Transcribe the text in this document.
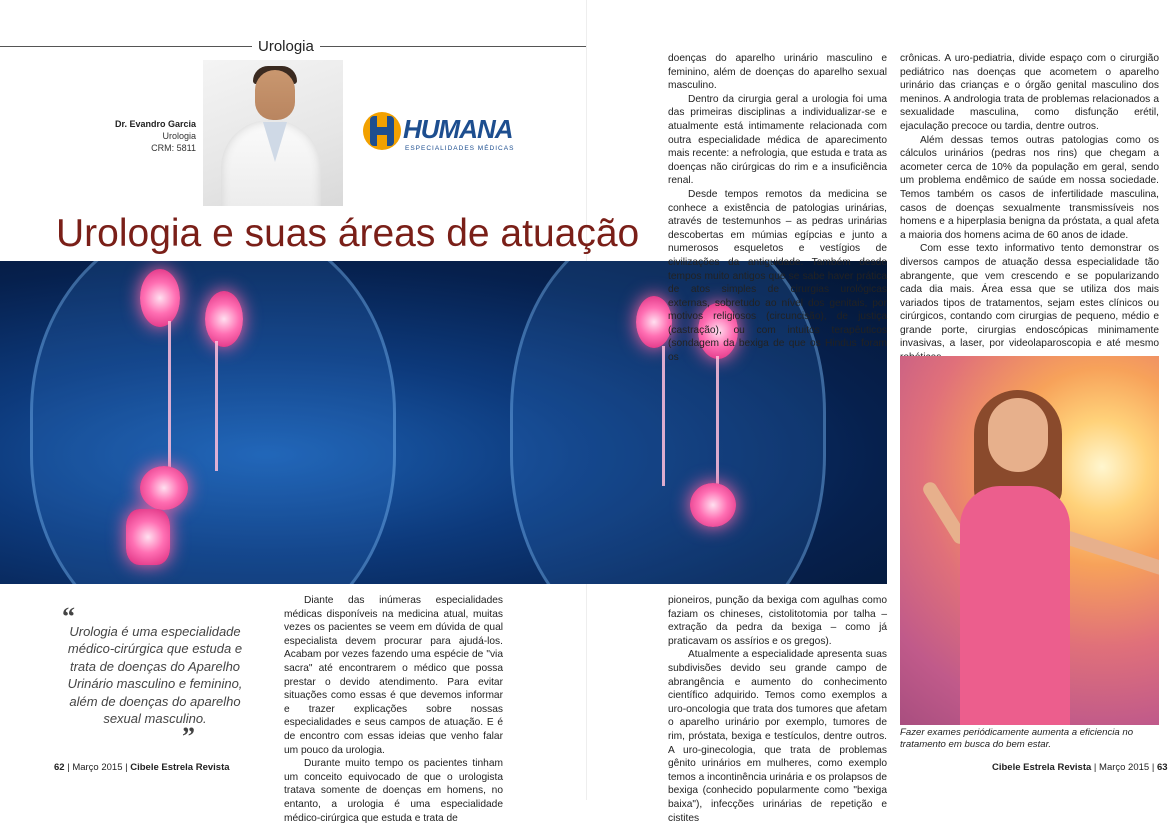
Urologia
Dr. Evandro Garcia
Urologia
CRM: 5811
HUMANA
ESPECIALIDADES MÉDICAS
Urologia e suas áreas de atuação

crônicas. A uro-pediatria, divide espaço com o cirurgião pediátrico nas doenças que acometem o aparelho urinário das crianças e o órgão genital masculino dos meninos. A andrologia trata de problemas relacionados a sexualidade masculina, como disfunção erétil, ejaculação precoce ou tardia, dentre outros.

Além dessas temos outras patologias como os cálculos urinários (pedras nos rins) que chegam a acometer cerca de 10% da população em geral, sendo um problema endêmico de saúde em nossa sociedade. Temos também os casos de infertilidade masculina, casos de doenças sexualmente transmissíveis nos homens e a hiperplasia benigna da próstata, a qual afeta a maioria dos homens acima de 60 anos de idade.

Com esse texto informativo tento demonstrar os diversos campos de atuação dessa especialidade tão abrangente, que vem crescendo e se popularizando cada dia mais. Área essa que se utiliza dos mais variados tipos de tratamentos, sejam estes clínicos ou cirúrgicos, contando com cirurgias de pequeno, médio e grande porte, cirurgias endoscópicas minimamente invasivas, a laser, por videolaparoscopia e até mesmo

doenças do aparelho urinário masculino e feminino, além de doenças do aparelho sexual masculino.

Dentro da cirurgia geral a urologia foi uma das primeiras disciplinas a individualizar-se e atualmente está intimamente relacionada com outra especialidade médica de aparecimento mais recente: a nefrologia, que estuda e trata as doenças não cirúrgicas do rim e a insuficiência renal.

Desde tempos remotos da medicina se conhece a existência de patologias urinárias, através de testemunhos – as pedras urinárias descobertas em múmias egípcias e junto a numerosos esqueletos e vestígios de civilizações da antiguidade. Também desde tempos muito antigos que se sabe haver prática de atos simples de cirurgias urológicas externas, sobretudo ao nível dos genitais, por motivos religiosos (circuncisão), de justiça (castração), ou com intuitos terapêuticos (sondagem da bexiga de que os Hindus foram os

“
Urologia é uma especialidade médico-cirúrgica que estuda e trata de doenças do Aparelho Urinário masculino e feminino, além de doenças do aparelho sexual masculino.
”

Diante das inúmeras especialidades médicas disponíveis na medicina atual, muitas vezes os pacientes se veem em dúvida de qual especialista devem procurar para ajudá-los. Acabam por vezes fazendo uma espécie de "via sacra" até encontrarem o médico que possa prestar o devido atendimento. Para evitar situações como essas é que devemos informar e trazer explicações sobre nossas especialidades e seus campos de atuação. E é de encontro com essas ideias que venho falar um pouco da urologia.

Durante muito tempo os pacientes tinham um conceito equivocado de que o urologista tratava somente de doenças em homens, no entanto, a urologia é uma especialidade médico-cirúrgica que estuda e trata de

pioneiros, punção da bexiga com agulhas como faziam os chineses, cistolitotomia por talha – extração da pedra da bexiga – como já praticavam os assírios e os gregos).

Atualmente a especialidade apresenta suas subdivisões devido seu grande campo de abrangência e aumento do conhecimento científico adquirido. Temos como exemplos a uro-oncologia que trata dos tumores que afetam o aparelho urinário por exemplo, tumores de rim, próstata, bexiga e testículos, dentre outros. A uro-ginecologia, que trata de problemas gênito urinários em mulheres, como exemplo temos a incontinência urinária e os prolapsos de bexiga (conhecido popularmente como "bexiga baixa"), infecções urinárias de repetição e cistites

Fazer exames periódicamente aumenta a eficiencia no tratamento em busca do bem estar.
62 | Março 2015 | Cibele Estrela Revista	Cibele Estrela Revista | Março 2015 | 63
